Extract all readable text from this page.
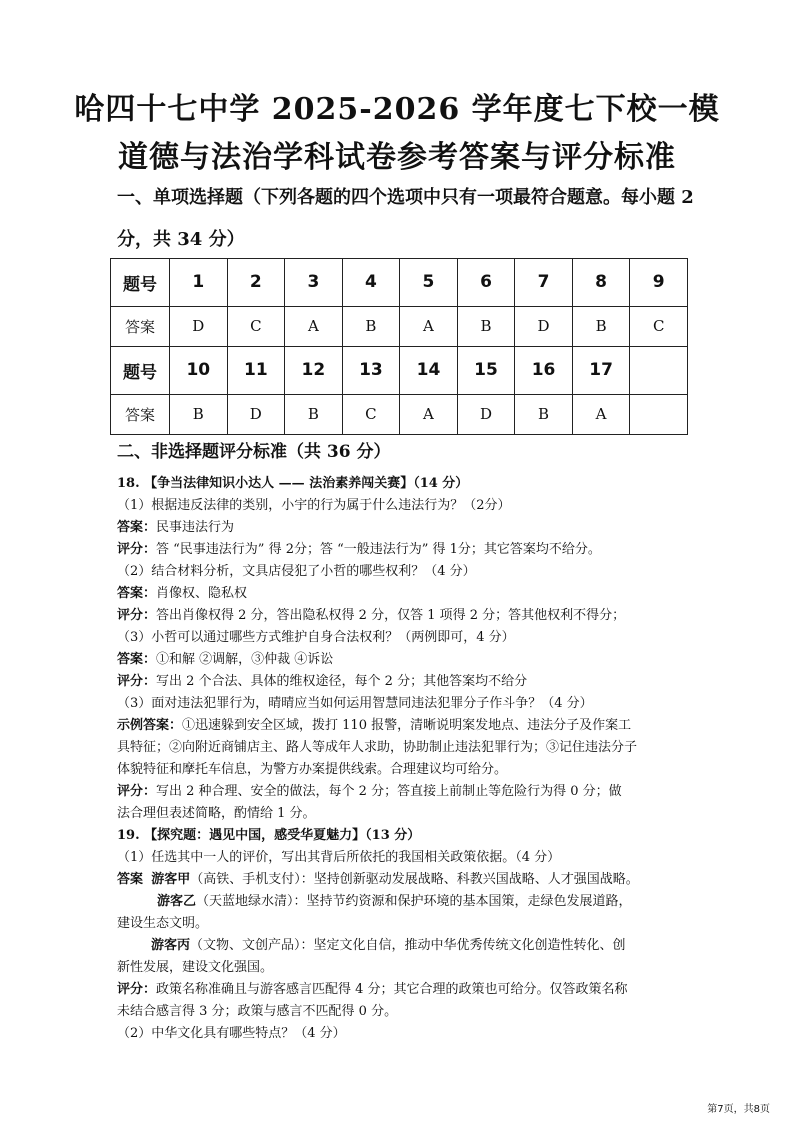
哈四十七中学 2025-2026 学年度七下校一模
道德与法治学科试卷参考答案与评分标准
一、单项选择题（下列各题的四个选项中只有一项最符合题意。每小题 2
分，共 34 分）
题号	1	2	3	4	5	6	7	8	9
答案	D	C	A	B	A	B	D	B	C
题号	10	11	12	13	14	15	16	17	
答案	B	D	B	C	A	D	B	A	
二、非选择题评分标准（共 36 分）
18. 【争当法律知识小达人 —— 法治素养闯关赛】（14 分）
（1）根据违反法律的类别，小宇的行为属于什么违法行为？（2分）
答案：民事违法行为
评分：答 “民事违法行为” 得 2分；答 “一般违法行为” 得 1分；其它答案均不给分。
（2）结合材料分析，文具店侵犯了小哲的哪些权利？（4 分）
答案：肖像权、隐私权
评分：答出肖像权得 2 分，答出隐私权得 2 分，仅答 1 项得 2 分；答其他权利不得分；
（3）小哲可以通过哪些方式维护自身合法权利？（两例即可，4 分）
答案：①和解 ②调解，③仲裁 ④诉讼
评分：写出 2 个合法、具体的维权途径，每个 2 分；其他答案均不给分
（3）面对违法犯罪行为，晴晴应当如何运用智慧同违法犯罪分子作斗争？（4 分）
示例答案：①迅速躲到安全区域，拨打 110 报警，清晰说明案发地点、违法分子及作案工
具特征；②向附近商铺店主、路人等成年人求助，协助制止违法犯罪行为；③记住违法分子
体貌特征和摩托车信息，为警方办案提供线索。合理建议均可给分。
评分：写出 2 种合理、安全的做法，每个 2 分；答直接上前制止等危险行为得 0 分；做
法合理但表述简略，酌情给 1 分。
19. 【探究题：遇见中国，感受华夏魅力】（13 分）
（1）任选其中一人的评价，写出其背后所依托的我国相关政策依据。（4 分）
答案 游客甲（高铁、手机支付）：坚持创新驱动发展战略、科教兴国战略、人才强国战略。
游客乙（天蓝地绿水清）：坚持节约资源和保护环境的基本国策，走绿色发展道路，
建设生态文明。
游客丙（文物、文创产品）：坚定文化自信，推动中华优秀传统文化创造性转化、创
新性发展，建设文化强国。
评分：政策名称准确且与游客感言匹配得 4 分；其它合理的政策也可给分。仅答政策名称
未结合感言得 3 分；政策与感言不匹配得 0 分。
（2）中华文化具有哪些特点？（4 分）
第7页，共8页
